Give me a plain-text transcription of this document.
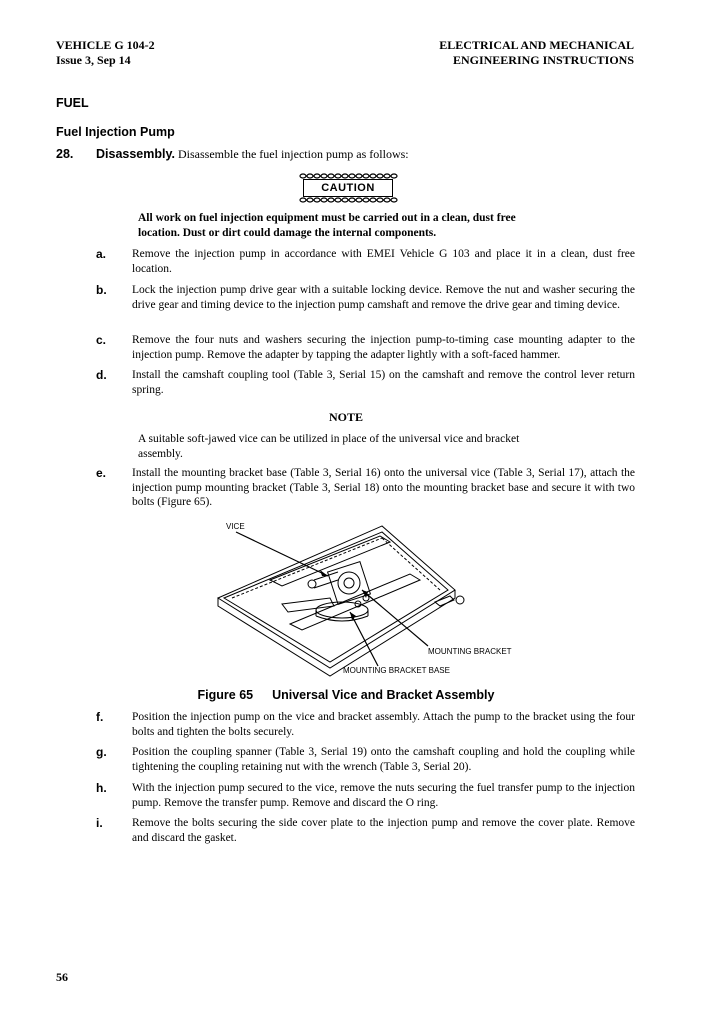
VEHICLE G 104-2
Issue 3, Sep 14
ELECTRICAL AND MECHANICAL
ENGINEERING INSTRUCTIONS
FUEL
Fuel Injection Pump
28. Disassembly. Disassemble the fuel injection pump as follows:
CAUTION
All work on fuel injection equipment must be carried out in a clean, dust free location. Dust or dirt could damage the internal components.
a. Remove the injection pump in accordance with EMEI Vehicle G 103 and place it in a clean, dust free location.
b. Lock the injection pump drive gear with a suitable locking device. Remove the nut and washer securing the drive gear and timing device to the injection pump camshaft and remove the drive gear and timing device.
c. Remove the four nuts and washers securing the injection pump-to-timing case mounting adapter to the injection pump. Remove the adapter by tapping the adapter lightly with a soft-faced hammer.
d. Install the camshaft coupling tool (Table 3, Serial 15) on the camshaft and remove the control lever return spring.
NOTE
A suitable soft-jawed vice can be utilized in place of the universal vice and bracket assembly.
e. Install the mounting bracket base (Table 3, Serial 16) onto the universal vice (Table 3, Serial 17), attach the injection pump mounting bracket (Table 3, Serial 18) onto the mounting bracket base and secure it with two bolts (Figure 65).
VICE
MOUNTING BRACKET
MOUNTING BRACKET BASE
Figure 65 Universal Vice and Bracket Assembly
f. Position the injection pump on the vice and bracket assembly. Attach the pump to the bracket using the four bolts and tighten the bolts securely.
g. Position the coupling spanner (Table 3, Serial 19) onto the camshaft coupling and hold the coupling while tightening the coupling retaining nut with the wrench (Table 3, Serial 20).
h. With the injection pump secured to the vice, remove the nuts securing the fuel transfer pump to the injection pump. Remove the transfer pump. Remove and discard the O ring.
i.	Remove the bolts securing the side cover plate to the injection pump and remove the cover plate. Remove and discard the gasket.
56
